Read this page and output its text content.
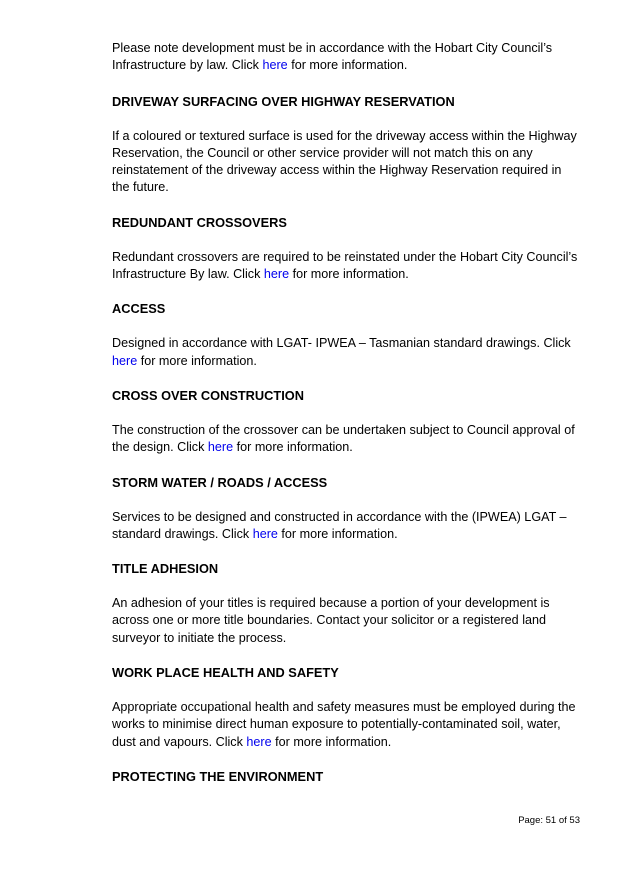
Please note development must be in accordance with the Hobart City Council’s Infrastructure by law. Click here for more information.

DRIVEWAY SURFACING OVER HIGHWAY RESERVATION

If a coloured or textured surface is used for the driveway access within the Highway Reservation, the Council or other service provider will not match this on any reinstatement of the driveway access within the Highway Reservation required in the future.

REDUNDANT CROSSOVERS

Redundant crossovers are required to be reinstated under the Hobart City Council’s Infrastructure By law. Click here for more information.

ACCESS

Designed in accordance with LGAT- IPWEA – Tasmanian standard drawings. Click here for more information.

CROSS OVER CONSTRUCTION

The construction of the crossover can be undertaken subject to Council approval of the design. Click here for more information.

STORM WATER / ROADS / ACCESS

Services to be designed and constructed in accordance with the (IPWEA) LGAT – standard drawings. Click here for more information.

TITLE ADHESION

An adhesion of your titles is required because a portion of your development is across one or more title boundaries. Contact your solicitor or a registered land surveyor to initiate the process.

WORK PLACE HEALTH AND SAFETY

Appropriate occupational health and safety measures must be employed during the works to minimise direct human exposure to potentially-contaminated soil, water, dust and vapours. Click here for more information.

PROTECTING THE ENVIRONMENT
Page: 51 of 53
